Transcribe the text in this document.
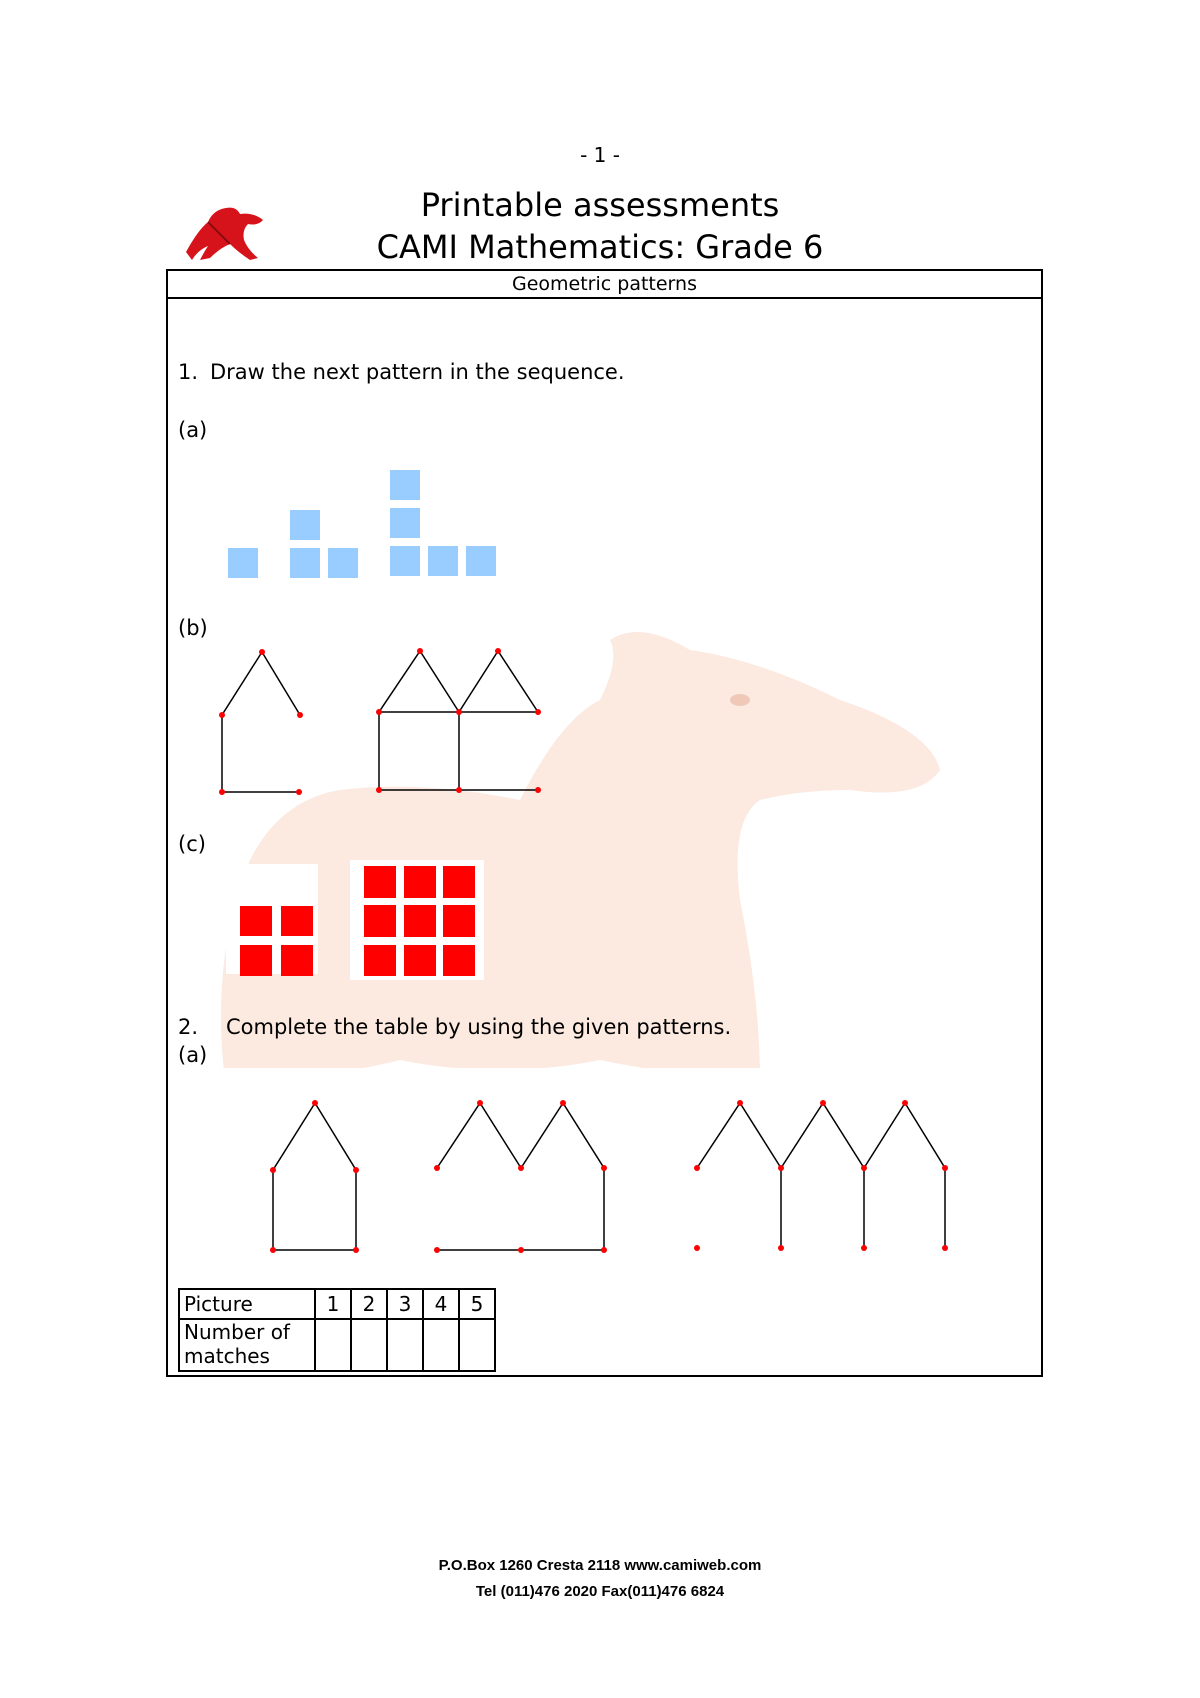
- 1 -
Printable assessments
CAMI Mathematics: Grade 6
Geometric patterns
1. Draw the next pattern in the sequence.
(a)
(b)
(c)
2. Complete the table by using the given patterns.
(a)
Picture	1	2	3	4	5
Number of matches					
P.O.Box 1260 Cresta 2118 www.camiweb.com
Tel (011)476 2020 Fax(011)476 6824
